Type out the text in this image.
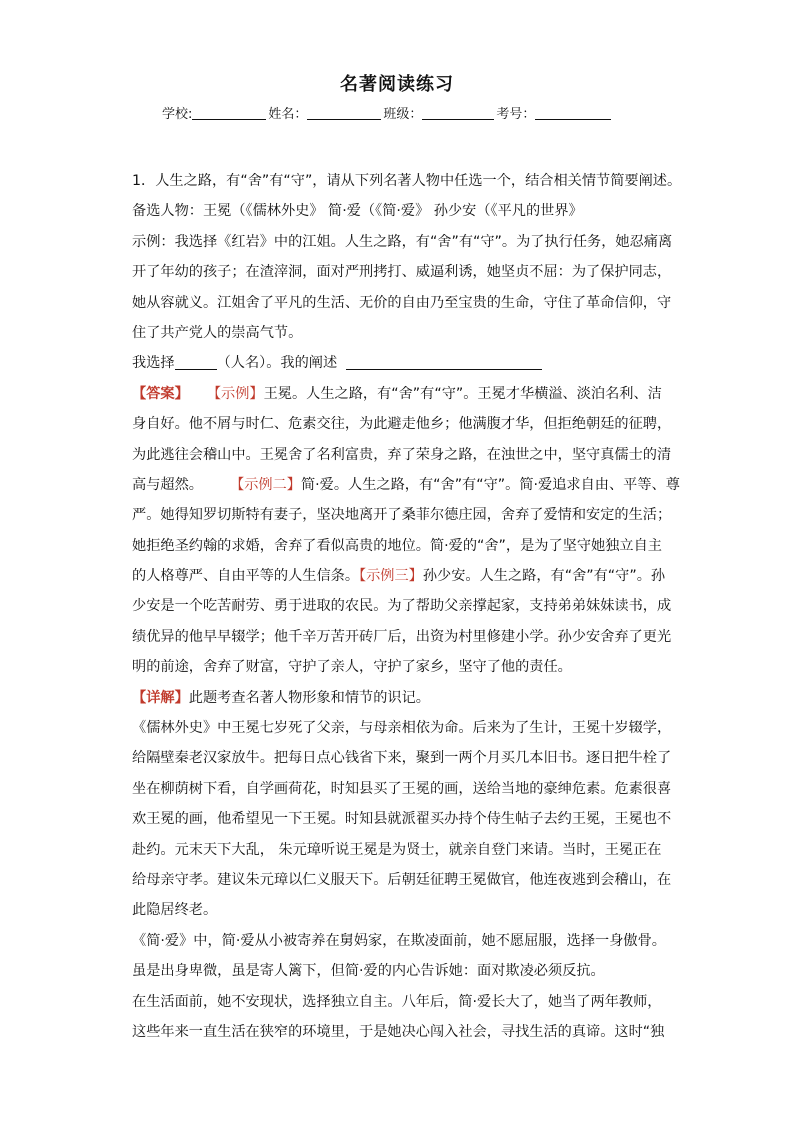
名著阅读练习
学校:	姓名：	班级：	考号：
1．人生之路，有“舍”有“守”，请从下列名著人物中任选一个，结合相关情节简要阐述。
备选人物：王冕（《儒林外史》 简·爱（《简·爱》 孙少安（《平凡的世界》
示例：我选择《红岩》中的江姐。人生之路，有“舍”有“守”。为了执行任务，她忍痛离
开了年幼的孩子；在渣滓洞，面对严刑拷打、威逼利诱，她坚贞不屈：为了保护同志，
她从容就义。江姐舍了平凡的生活、无价的自由乃至宝贵的生命，守住了革命信仰，守
住了共产党人的崇高气节。
我选择	（人名）。我的阐述
【答案】 【示例】王冕。人生之路，有“舍”有“守”。王冕才华横溢、淡泊名利、洁
身自好。他不屑与时仁、危素交往，为此避走他乡；他满腹才华，但拒绝朝廷的征聘，
为此逃往会稽山中。王冕舍了名利富贵，弃了荣身之路，在浊世之中，坚守真儒士的清
高与超然。 【示例二】简·爱。人生之路，有“舍”有“守”。简·爱追求自由、平等、尊
严。她得知罗切斯特有妻子，坚决地离开了桑菲尔德庄园，舍弃了爱情和安定的生活；
她拒绝圣约翰的求婚，舍弃了看似高贵的地位。简·爱的“舍”，是为了坚守她独立自主
的人格尊严、自由平等的人生信条。【示例三】孙少安。人生之路，有“舍”有“守”。孙
少安是一个吃苦耐劳、勇于进取的农民。为了帮助父亲撑起家，支持弟弟妹妹读书，成
绩优异的他早早辍学；他千辛万苦开砖厂后，出资为村里修建小学。孙少安舍弃了更光
明的前途，舍弃了财富，守护了亲人，守护了家乡，坚守了他的责任。
【详解】此题考查名著人物形象和情节的识记。
《儒林外史》中王冕七岁死了父亲，与母亲相依为命。后来为了生计，王冕十岁辍学，
给隔壁秦老汉家放牛。把每日点心钱省下来，聚到一两个月买几本旧书。逐日把牛栓了
坐在柳荫树下看，自学画荷花，时知县买了王冕的画，送给当地的豪绅危素。危素很喜
欢王冕的画，他希望见一下王冕。时知县就派翟买办持个侍生帖子去约王冕，王冕也不
赴约。元末天下大乱， 朱元璋听说王冕是为贤士，就亲自登门来请。当时，王冕正在
给母亲守孝。建议朱元璋以仁义服天下。后朝廷征聘王冕做官，他连夜逃到会稽山，在
此隐居终老。
《简·爱》中，简·爱从小被寄养在舅妈家，在欺凌面前，她不愿屈服，选择一身傲骨。
虽是出身卑微，虽是寄人篱下，但简·爱的内心告诉她：面对欺凌必须反抗。
在生活面前，她不安现状，选择独立自主。八年后，简·爱长大了，她当了两年教师，
这些年来一直生活在狭窄的环境里，于是她决心闯入社会，寻找生活的真谛。这时“独
